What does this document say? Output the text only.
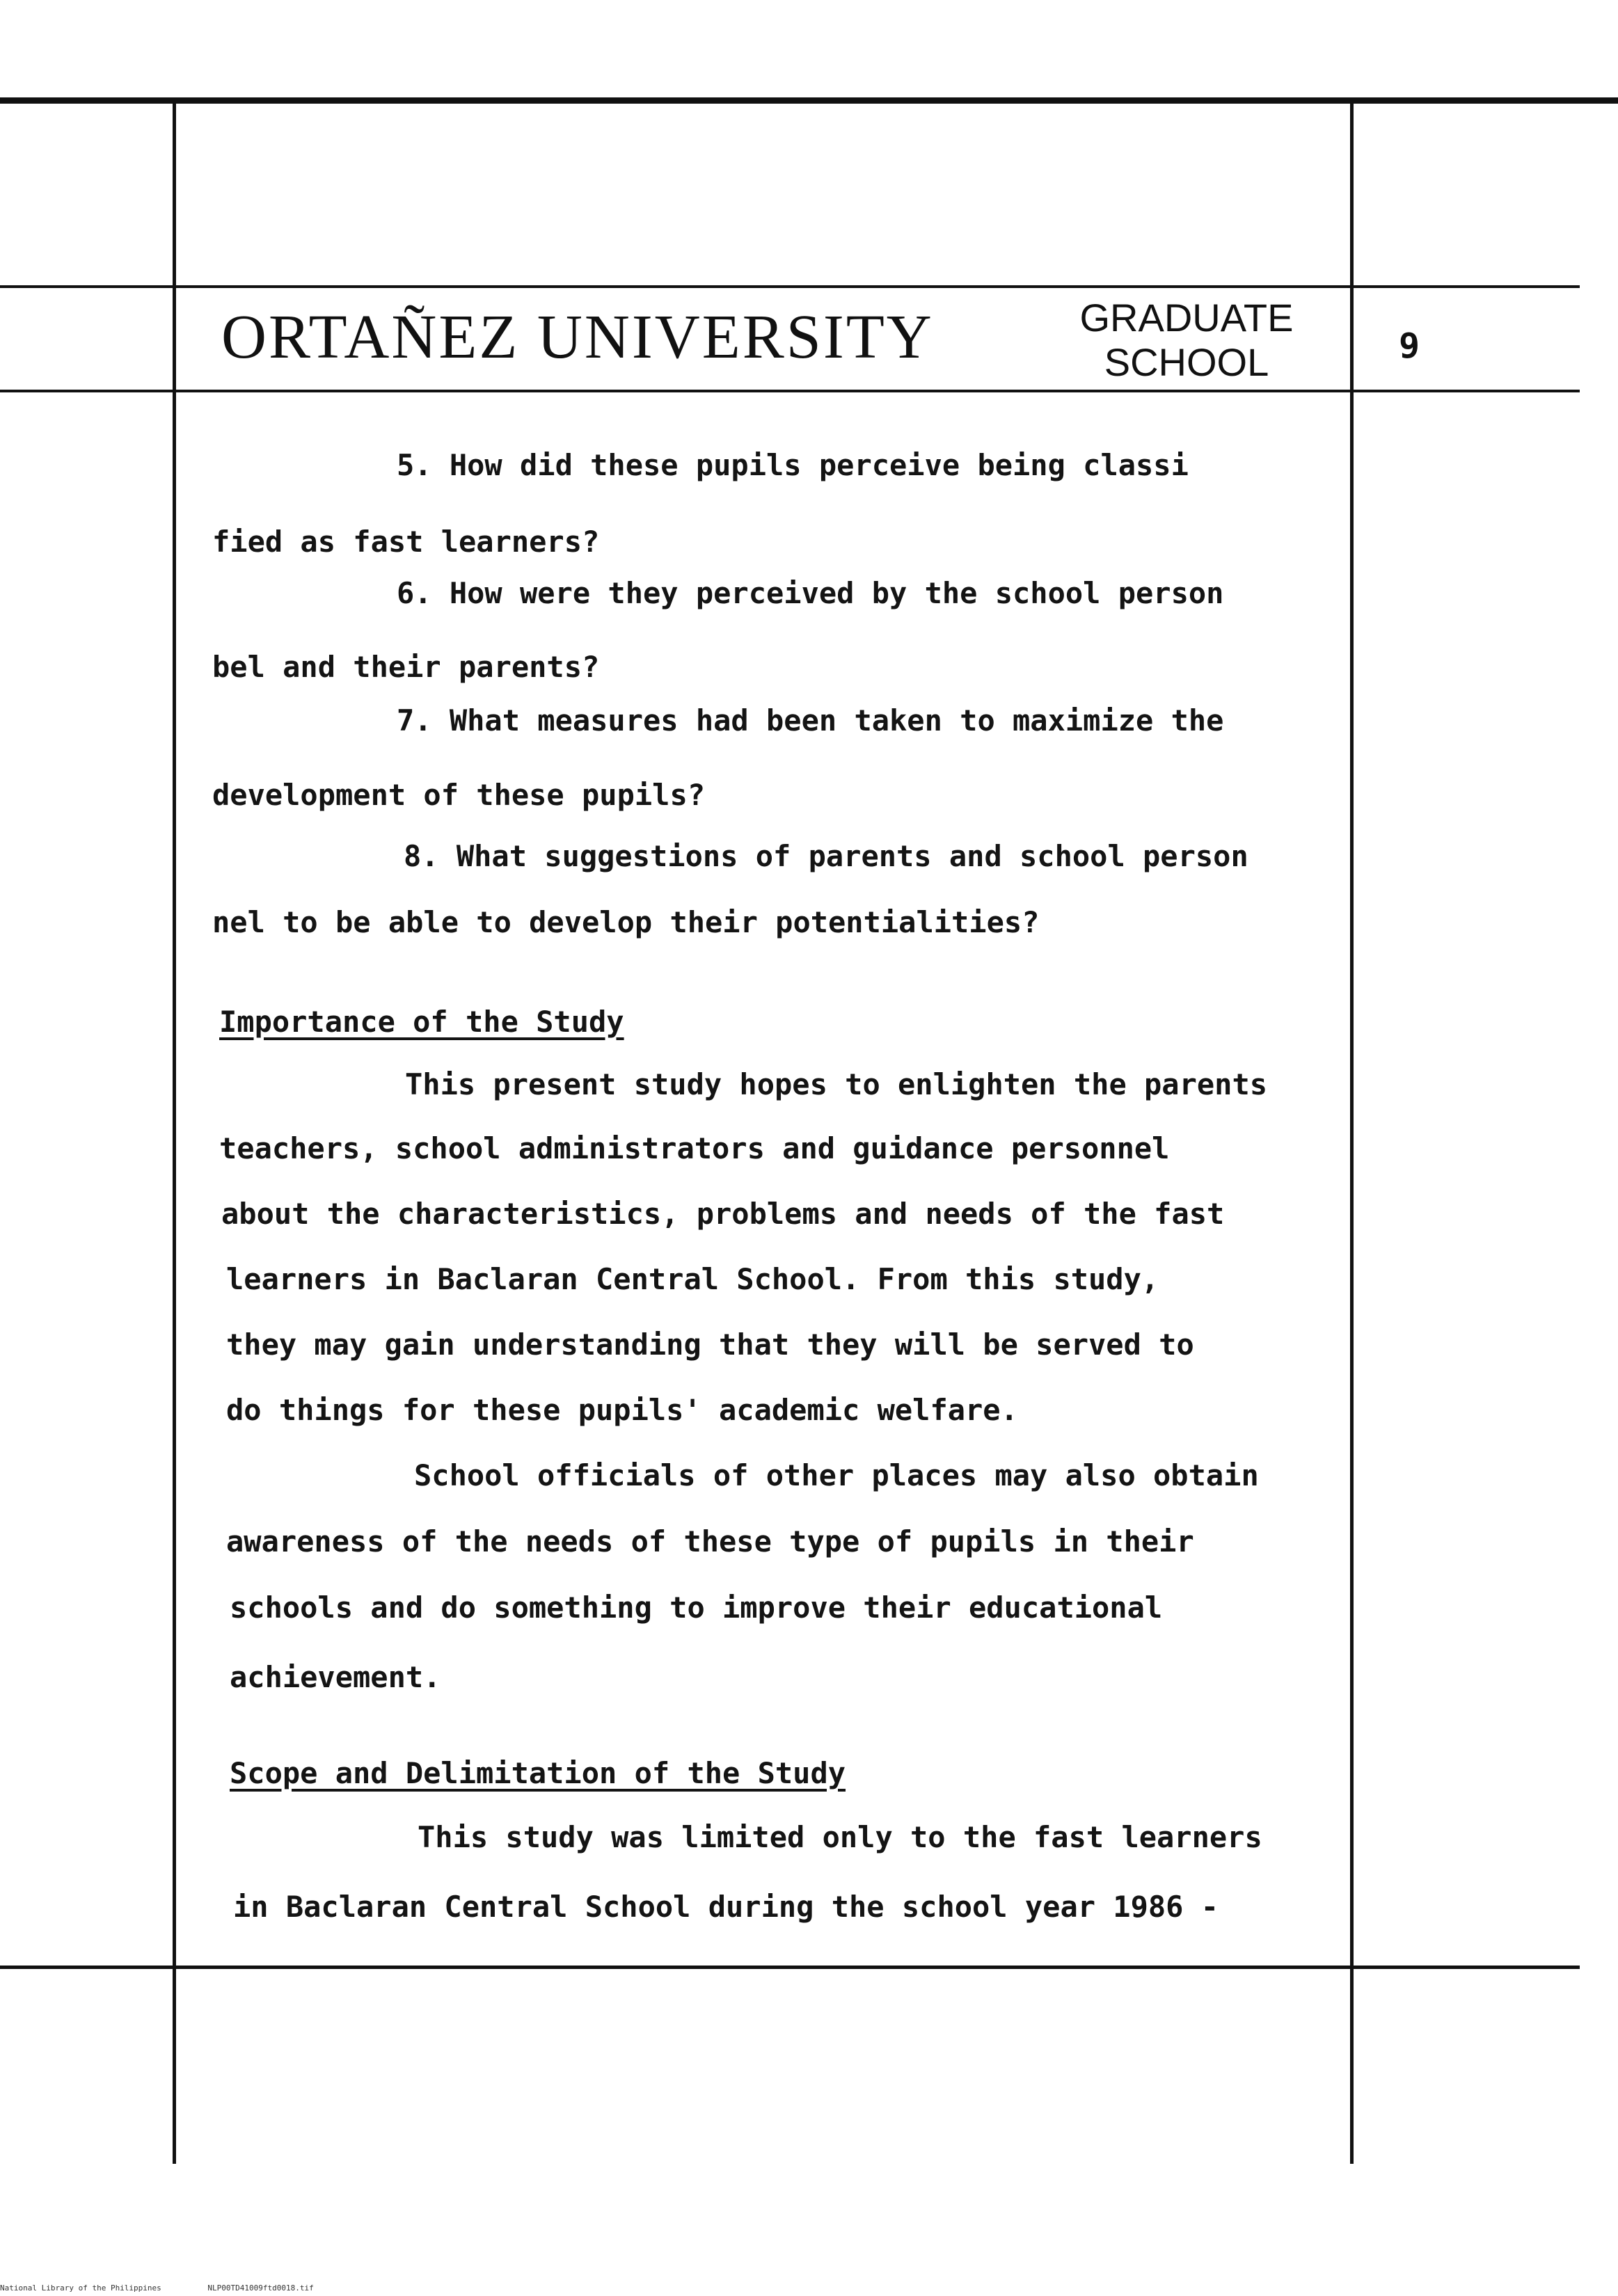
ORTAÑEZ UNIVERSITY	GRADUATE
SCHOOL	9
5. How did these pupils perceive being classi
fied as fast learners?
6. How were they perceived by the school person
bel and their parents?
7. What measures had been taken to maximize the
development of these pupils?
8. What suggestions of parents and school person
nel to be able to develop their potentialities?
Importance of the Study
This present study hopes to enlighten the parents
teachers, school administrators and guidance personnel
about the characteristics, problems and needs of the fast
learners in Baclaran Central School. From this study,
they may gain understanding that they will be served to
do things for these pupils' academic welfare.
School officials of other places may also obtain
awareness of the needs of these type of pupils in their
schools and do something to improve their educational
achievement.
Scope and Delimitation of the Study
This study was limited only to the fast learners
in Baclaran Central School during the school year 1986 -
National Library of the Philippines	NLP00TD41009ftd0018.tif
